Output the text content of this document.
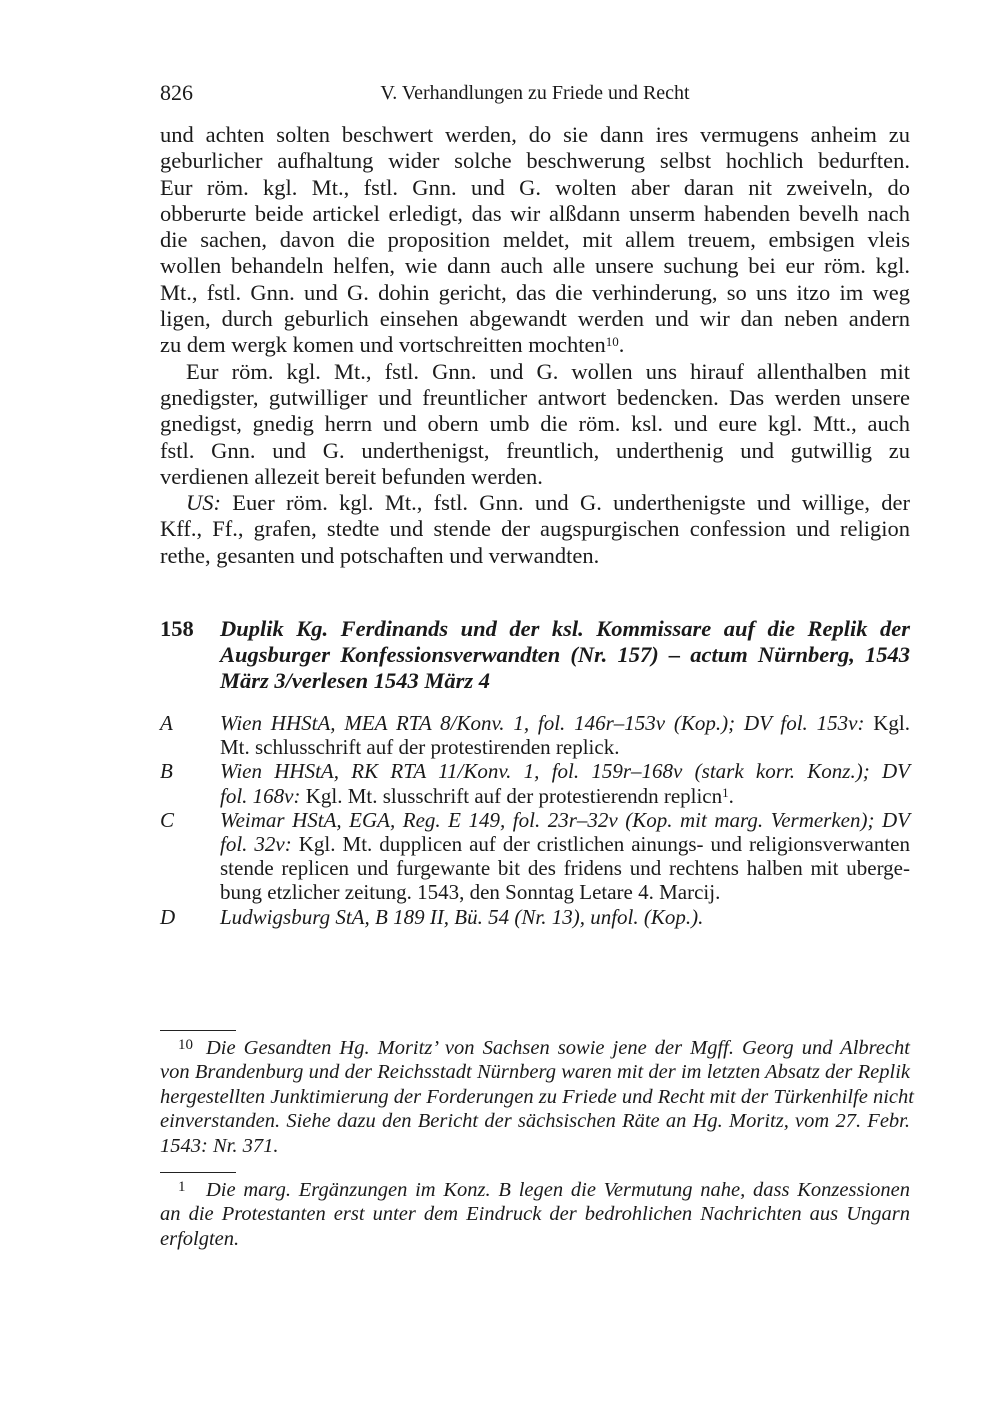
826	V. Verhandlungen zu Friede und Recht
und achten solten beschwert werden, do sie dann ires vermugens anheim zu
geburlicher aufhaltung wider solche beschwerung selbst hochlich bedurften.
Eur röm. kgl. Mt., fstl. Gnn. und G. wolten aber daran nit zweiveln, do
obberurte beide artickel erledigt, das wir alßdann unserm habenden bevelh nach
die sachen, davon die proposition meldet, mit allem treuem, embsigen vleis
wollen behandeln helfen, wie dann auch alle unsere suchung bei eur röm. kgl.
Mt., fstl. Gnn. und G. dohin gericht, das die verhinderung, so uns itzo im weg
ligen, durch geburlich einsehen abgewandt werden und wir dan neben andern
zu dem wergk komen und vortschreitten mochten$^{10}$.
Eur röm. kgl. Mt., fstl. Gnn. und G. wollen uns hirauf allenthalben mit
gnedigster, gutwilliger und freuntlicher antwort bedencken. Das werden unsere
gnedigst, gnedig herrn und obern umb die röm. ksl. und eure kgl. Mtt., auch
fstl. Gnn. und G. underthenigst, freuntlich, underthenig und gutwillig zu
verdienen allezeit bereit befunden werden.
US: Euer röm. kgl. Mt., fstl. Gnn. und G. underthenigste und willige, der
Kff., Ff., grafen, stedte und stende der augspurgischen confession und religion
rethe, gesanten und potschaften und verwandten.
158 Duplik Kg. Ferdinands und der ksl. Kommissare auf die Replik der
Augsburger Konfessionsverwandten (Nr. 157) – actum Nürnberg, 1543
März 3/verlesen 1543 März 4
A Wien HHStA, MEA RTA 8/Konv. 1, fol. 146r–153v (Kop.); DV fol. 153v: Kgl.
Mt. schlusschrift auf der protestirenden replick.
B Wien HHStA, RK RTA 11/Konv. 1, fol. 159r–168v (stark korr. Konz.); DV
fol. 168v: Kgl. Mt. slusschrift auf der protestierendn replicn$^1$.
C Weimar HStA, EGA, Reg. E 149, fol. 23r–32v (Kop. mit marg. Vermerken); DV
fol. 32v: Kgl. Mt. dupplicen auf der cristlichen ainungs- und religionsverwanten
stende replicen und furgewante bit des fridens und rechtens halben mit uberge-
bung etzlicher zeitung. 1543, den Sonntag Letare 4. Marcij.
D Ludwigsburg StA, B 189 II, Bü. 54 (Nr. 13), unfol. (Kop.).
10 Die Gesandten Hg. Moritz’ von Sachsen sowie jene der Mgff. Georg und Albrecht
von Brandenburg und der Reichsstadt Nürnberg waren mit der im letzten Absatz der Replik
hergestellten Junktimierung der Forderungen zu Friede und Recht mit der Türkenhilfe nicht
einverstanden. Siehe dazu den Bericht der sächsischen Räte an Hg. Moritz, vom 27. Febr.
1543: Nr. 371.
1 Die marg. Ergänzungen im Konz. B legen die Vermutung nahe, dass Konzessionen
an die Protestanten erst unter dem Eindruck der bedrohlichen Nachrichten aus Ungarn
erfolgten.
